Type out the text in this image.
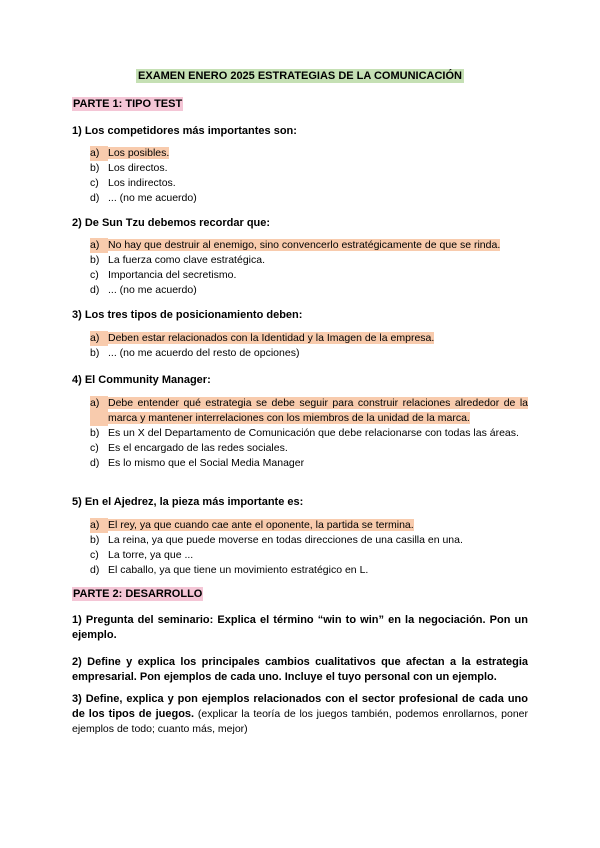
EXAMEN ENERO 2025 ESTRATEGIAS DE LA COMUNICACIÓN
PARTE 1: TIPO TEST
1) Los competidores más importantes son:
a) Los posibles.
b) Los directos.
c) Los indirectos.
d) ... (no me acuerdo)
2) De Sun Tzu debemos recordar que:
a) No hay que destruir al enemigo, sino convencerlo estratégicamente de que se rinda.
b) La fuerza como clave estratégica.
c) Importancia del secretismo.
d) ... (no me acuerdo)
3) Los tres tipos de posicionamiento deben:
a) Deben estar relacionados con la Identidad y la Imagen de la empresa.
b) ... (no me acuerdo del resto de opciones)
4) El Community Manager:
a) Debe entender qué estrategia se debe seguir para construir relaciones alrededor de la marca y mantener interrelaciones con los miembros de la unidad de la marca.
b) Es un X del Departamento de Comunicación que debe relacionarse con todas las áreas.
c) Es el encargado de las redes sociales.
d) Es lo mismo que el Social Media Manager
5) En el Ajedrez, la pieza más importante es:
a) El rey, ya que cuando cae ante el oponente, la partida se termina.
b) La reina, ya que puede moverse en todas direcciones de una casilla en una.
c) La torre, ya que ...
d) El caballo, ya que tiene un movimiento estratégico en L.
PARTE 2: DESARROLLO
1) Pregunta del seminario: Explica el término “win to win” en la negociación. Pon un ejemplo.
2) Define y explica los principales cambios cualitativos que afectan a la estrategia empresarial. Pon ejemplos de cada uno. Incluye el tuyo personal con un ejemplo.
3) Define, explica y pon ejemplos relacionados con el sector profesional de cada uno de los tipos de juegos. (explicar la teoría de los juegos también, podemos enrollarnos, poner ejemplos de todo; cuanto más, mejor)
